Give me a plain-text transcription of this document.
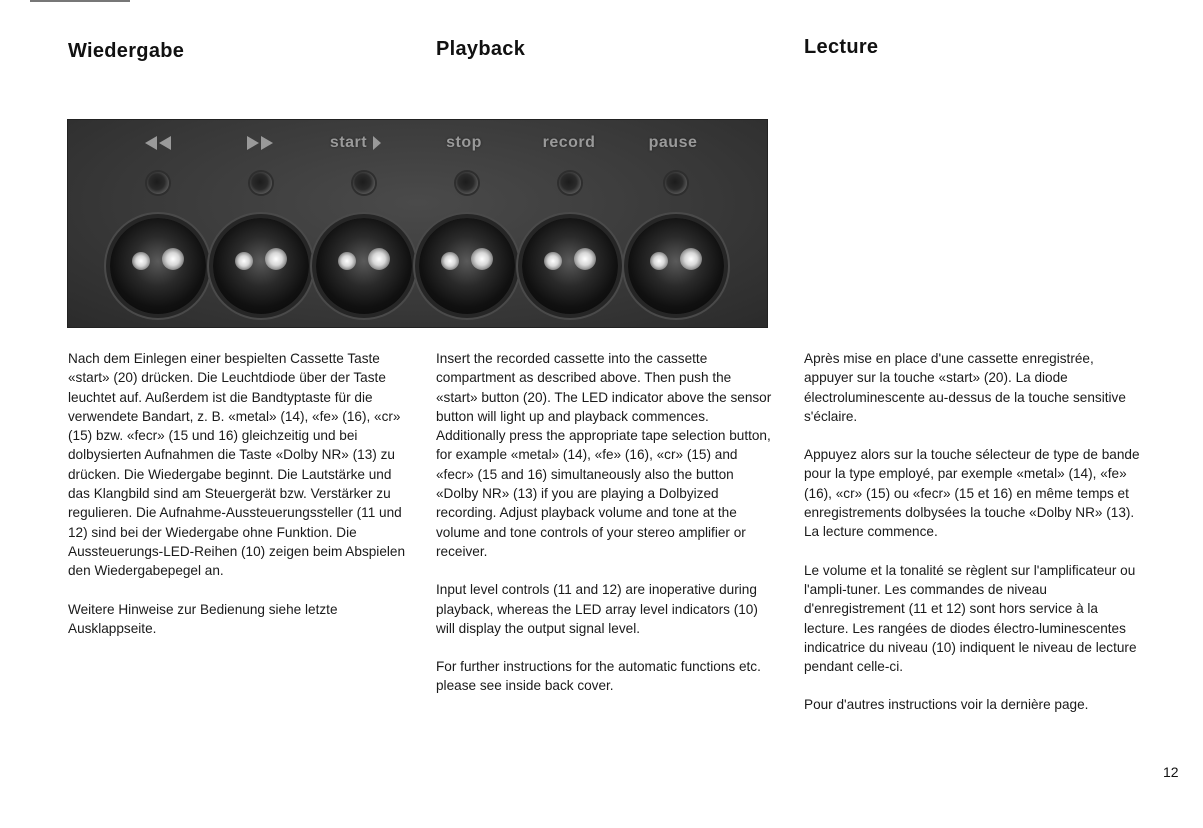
Wiedergabe	Playback	Lecture
start	stop	record	pause

Nach dem Einlegen einer bespielten Cassette Taste «start» (20) drücken. Die Leuchtdiode über der Taste leuchtet auf. Außerdem ist die Bandtyptaste für die verwendete Bandart, z. B. «metal» (14), «fe» (16), «cr» (15) bzw. «fecr» (15 und 16) gleichzeitig und bei dolbysierten Aufnahmen die Taste «Dolby NR» (13) zu drücken. Die Wiedergabe beginnt. Die Lautstärke und das Klangbild sind am Steuergerät bzw. Verstärker zu regulieren. Die Aufnahme-Aussteuerungssteller (11 und 12) sind bei der Wiedergabe ohne Funktion. Die Aussteuerungs-LED-Reihen (10) zeigen beim Abspielen den Wiedergabepegel an.

Weitere Hinweise zur Bedienung siehe letzte Ausklappseite.

Insert the recorded cassette into the cassette compartment as described above. Then push the «start» button (20). The LED indicator above the sensor button will light up and playback commences. Additionally press the appropriate tape selection button, for example «metal» (14), «fe» (16), «cr» (15) and «fecr» (15 and 16) simultaneously also the button «Dolby NR» (13) if you are playing a Dolbyized recording. Adjust playback volume and tone at the volume and tone controls of your stereo amplifier or receiver.

Input level controls (11 and 12) are inoperative during playback, whereas the LED array level indicators (10) will display the output signal level.

For further instructions for the automatic functions etc. please see inside back cover.

Après mise en place d'une cassette enregistrée, appuyer sur la touche «start» (20). La diode électroluminescente au-dessus de la touche sensitive s'éclaire.

Appuyez alors sur la touche sélecteur de type de bande pour la type employé, par exemple «metal» (14), «fe» (16), «cr» (15) ou «fecr» (15 et 16) en même temps et enregistrements dolbysées la touche «Dolby NR» (13). La lecture commence.

Le volume et la tonalité se règlent sur l'amplificateur ou l'ampli-tuner. Les commandes de niveau d'enregistrement (11 et 12) sont hors service à la lecture. Les rangées de diodes électro-luminescentes indicatrice du niveau (10) indiquent le niveau de lecture pendant celle-ci.

Pour d'autres instructions voir la dernière page.

12
